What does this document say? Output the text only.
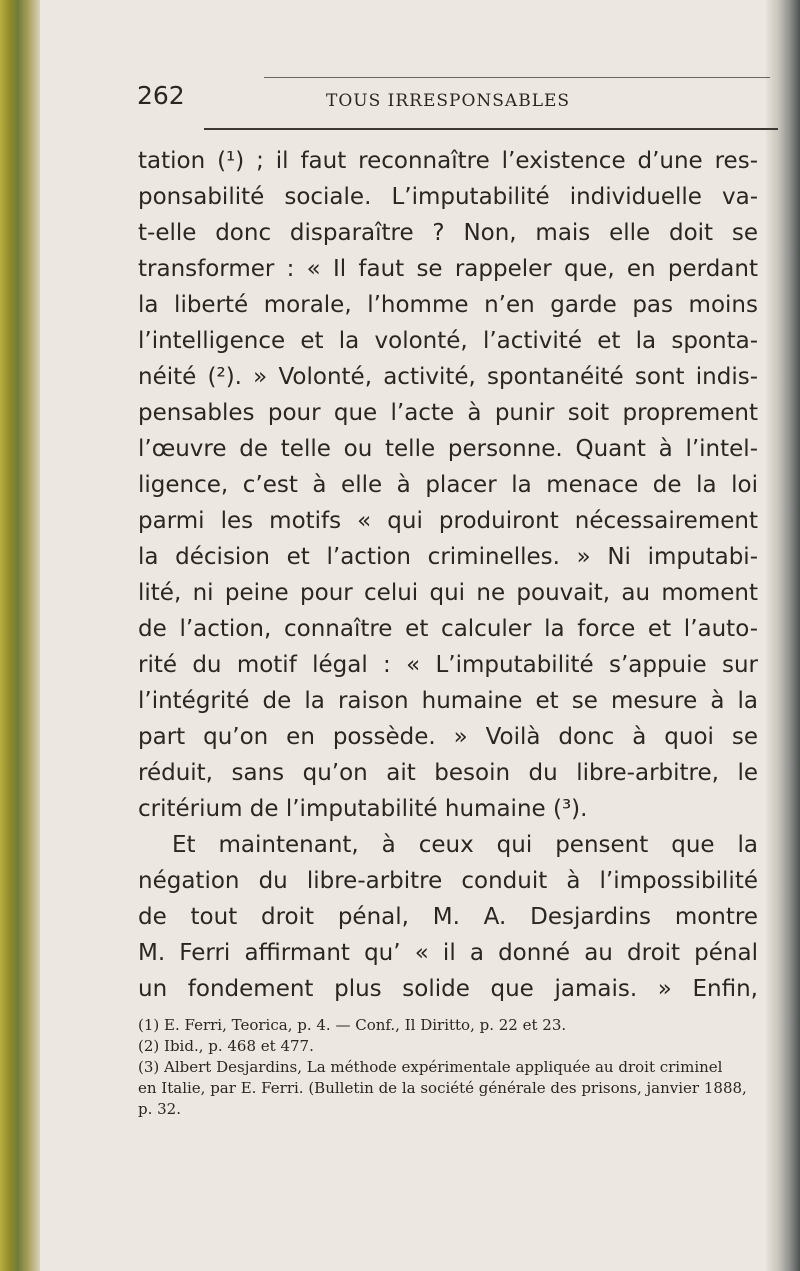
262	TOUS IRRESPONSABLES
tation (¹) ; il faut reconnaître l’existence d’une res-
ponsabilité sociale. L’imputabilité individuelle va-
t-elle donc disparaître ? Non, mais elle doit se
transformer : « Il faut se rappeler que, en perdant
la liberté morale, l’homme n’en garde pas moins
l’intelligence et la volonté, l’activité et la sponta-
néité (²). » Volonté, activité, spontanéité sont indis-
pensables pour que l’acte à punir soit proprement
l’œuvre de telle ou telle personne. Quant à l’intel-
ligence, c’est à elle à placer la menace de la loi
parmi les motifs « qui produiront nécessairement
la décision et l’action criminelles. » Ni imputabi-
lité, ni peine pour celui qui ne pouvait, au moment
de l’action, connaître et calculer la force et l’auto-
rité du motif légal : « L’imputabilité s’appuie sur
l’intégrité de la raison humaine et se mesure à la
part qu’on en possède. » Voilà donc à quoi se
réduit, sans qu’on ait besoin du libre-arbitre, le
critérium de l’imputabilité humaine (³).
Et maintenant, à ceux qui pensent que la
négation du libre-arbitre conduit à l’impossibilité
de tout droit pénal, M. A. Desjardins montre
M. Ferri affirmant qu’ « il a donné au droit pénal
un fondement plus solide que jamais. » Enfin,
(1) E. Ferri, Teorica, p. 4. — Conf., Il Diritto, p. 22 et 23.
(2) Ibid., p. 468 et 477.
(3) Albert Desjardins, La méthode expérimentale appliquée au droit criminel
en Italie, par E. Ferri. (Bulletin de la société générale des prisons, janvier 1888,
p. 32.
